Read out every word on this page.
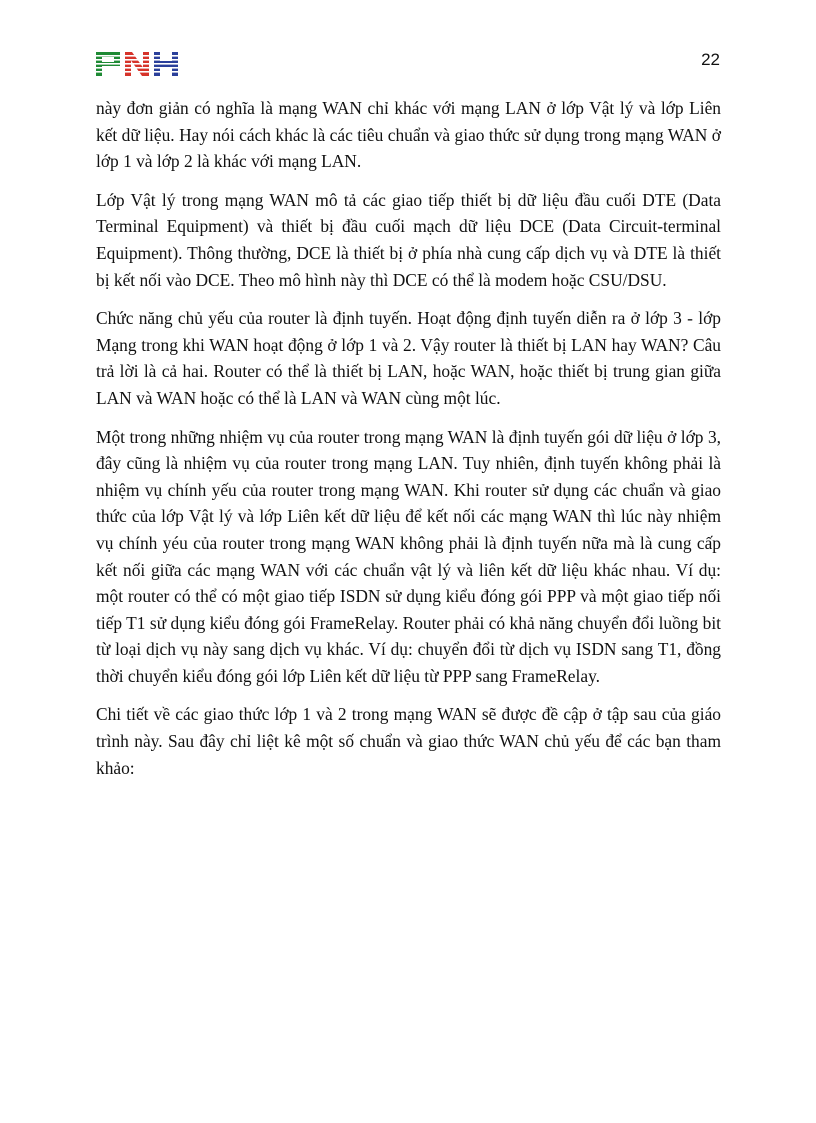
22

này đơn giản có nghĩa là mạng WAN chỉ khác với mạng LAN ở lớp Vật lý và lớp Liên kết dữ liệu. Hay nói cách khác là các tiêu chuẩn và giao thức sử dụng trong mạng WAN ở lớp 1 và lớp 2 là khác với mạng LAN.

Lớp Vật lý trong mạng WAN mô tả các giao tiếp thiết bị dữ liệu đầu cuối DTE (Data Terminal Equipment) và thiết bị đầu cuối mạch dữ liệu DCE (Data Circuit-terminal Equipment). Thông thường, DCE là thiết bị ở phía nhà cung cấp dịch vụ và DTE là thiết bị kết nối vào DCE. Theo mô hình này thì DCE có thể là modem hoặc CSU/DSU.

Chức năng chủ yếu của router là định tuyến. Hoạt động định tuyến diễn ra ở lớp 3 - lớp Mạng trong khi WAN hoạt động ở lớp 1 và 2. Vậy router là thiết bị LAN hay WAN? Câu trả lời là cả hai. Router có thể là thiết bị LAN, hoặc WAN, hoặc thiết bị trung gian giữa LAN và WAN hoặc có thể là LAN và WAN cùng một lúc.

Một trong những nhiệm vụ của router trong mạng WAN là định tuyến gói dữ liệu ở lớp 3, đây cũng là nhiệm vụ của router trong mạng LAN. Tuy nhiên, định tuyến không phải là nhiệm vụ chính yếu của router trong mạng WAN. Khi router sử dụng các chuẩn và giao thức của lớp Vật lý và lớp Liên kết dữ liệu để kết nối các mạng WAN thì lúc này nhiệm vụ chính yéu của router trong mạng WAN không phải là định tuyến nữa mà là cung cấp kết nối giữa các mạng WAN với các chuẩn vật lý và liên kết dữ liệu khác nhau. Ví dụ: một router có thể có một giao tiếp ISDN sử dụng kiểu đóng gói PPP và một giao tiếp nối tiếp T1 sử dụng kiểu đóng gói FrameRelay. Router phải có khả năng chuyển đổi luồng bit từ loại dịch vụ này sang dịch vụ khác. Ví dụ: chuyển đổi từ dịch vụ ISDN sang T1, đồng thời chuyển kiểu đóng gói lớp Liên kết dữ liệu từ PPP sang FrameRelay.

Chi tiết về các giao thức lớp 1 và 2 trong mạng WAN sẽ được đề cập ở tập sau của giáo trình này. Sau đây chỉ liệt kê một số chuẩn và giao thức WAN chủ yếu để các bạn tham khảo:
